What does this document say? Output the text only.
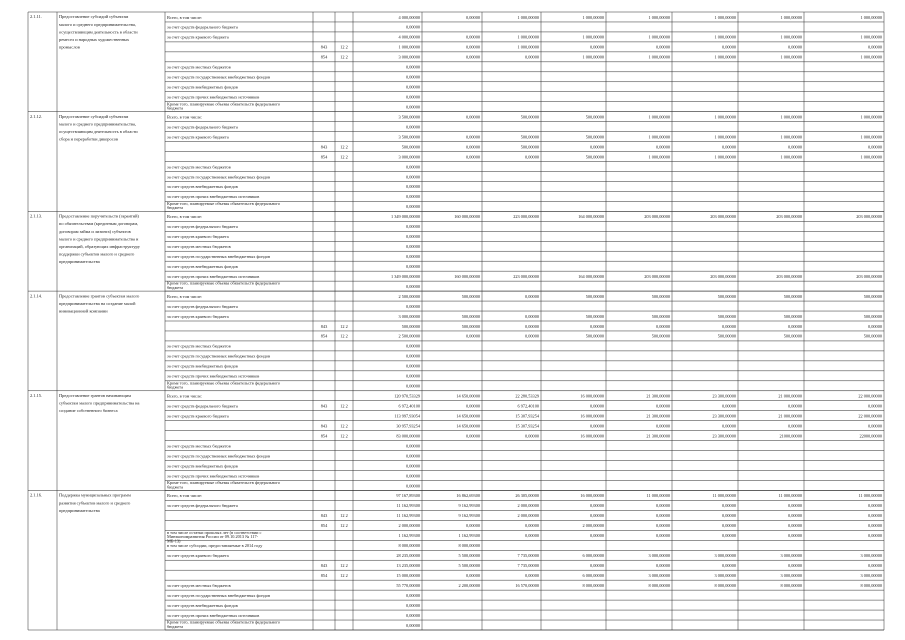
2.1.11.	Предоставление субсидий субъектам
малого и среднего предпринимательства,
осуществляющим деятельность в области
ремесел и народных художественных
промыслов
Всего, в том числе:	4 000,00000	0,00000	1 000,00000	1 000,00000	1 000,00000	1 000,00000	1 000,00000	1 000,00000
за счет средств федерального бюджета	0,00000
за счет средств краевого бюджета	4 000,00000	0,00000	1 000,00000	1 000,00000	1 000,00000	1 000,00000	1 000,00000	1 000,00000
843	12 2	1 000,00000	0,00000	1 000,00000	0,00000	0,00000	0,00000	0,00000	0,00000
854	12 2	3 000,00000	0,00000	0,00000	1 000,00000	1 000,00000	1 000,00000	1 000,00000	1 000,00000
за счет средств местных бюджетов	0,00000
за счет средств государственных внебюджетных фондов	0,00000
за счет средств внебюджетных фондов	0,00000
за счет средств прочих внебюджетных источников	0,00000
Кроме того, планируемые объемы обязательств федерального
бюджета	0,00000
2.1.12.	Предоставление субсидий субъектам
малого и среднего предпринимательства,
осуществляющим деятельность в области
сбора и переработки дикоросов
Всего, в том числе:	3 500,00000	0,00000	500,00000	500,00000	1 000,00000	1 000,00000	1 000,00000	1 000,00000
за счет средств федерального бюджета	0,00000
за счет средств краевого бюджета	3 500,00000	0,00000	500,00000	500,00000	1 000,00000	1 000,00000	1 000,00000	1 000,00000
843	12 2	500,00000	0,00000	500,00000	0,00000	0,00000	0,00000	0,00000	0,00000
854	12 2	3 000,00000	0,00000	0,00000	500,00000	1 000,00000	1 000,00000	1 000,00000	1 000,00000
за счет средств местных бюджетов	0,00000
за счет средств государственных внебюджетных фондов	0,00000
за счет средств внебюджетных фондов	0,00000
за счет средств прочих внебюджетных источников	0,00000
Кроме того, планируемые объемы обязательств федерального
бюджета	0,00000
2.1.13.	Предоставление поручительств (гарантий)
по обязательствам (кредитным договорам,
договорам займа и лизинга) субъектов
малого и среднего предпринимательства и
организаций, образующих инфраструктуру
поддержки субъектов малого и среднего
предпринимательства
Всего, в том числе:	1 349 000,00000	160 000,00000	223 000,00000	164 000,00000	203 000,00000	203 000,00000	203 000,00000	203 000,00000
за счет средств федерального бюджета	0,00000
за счет средств краевого бюджета	0,00000
за счет средств местных бюджетов	0,00000
за счет средств государственных внебюджетных фондов	0,00000
за счет средств внебюджетных фондов	0,00000
за счет средств прочих внебюджетных источников	1 349 000,00000	160 000,00000	223 000,00000	164 000,00000	203 000,00000	203 000,00000	203 000,00000	203 000,00000
Кроме того, планируемые объемы обязательств федерального
бюджета	0,00000
2.1.14.	Предоставление грантов субъектам малого
предпринимательства на создание малой
инновационной компании
Всего, в том числе:	2 500,00000	500,00000	0,00000	500,00000	500,00000	500,00000	500,00000	500,00000
за счет средств федерального бюджета	0,00000
за счет средств краевого бюджета	3 000,00000	500,00000	0,00000	500,00000	500,00000	500,00000	500,00000	500,00000
843	12 2	500,00000	500,00000	0,00000	0,00000	0,00000	0,00000	0,00000	0,00000
854	12 2	2 500,00000	0,00000	0,00000	500,00000	500,00000	500,00000	500,00000	500,00000
за счет средств местных бюджетов	0,00000
за счет средств государственных внебюджетных фондов	0,00000
за счет средств внебюджетных фондов	0,00000
за счет средств прочих внебюджетных источников	0,00000
Кроме того, планируемые объемы обязательств федерального
бюджета	0,00000
2.1.15.	Предоставление грантов начинающим
субъектам малого предпринимательства на
создание собственного бизнеса
Всего, в том числе:	120 970,53329	14 650,00000	22 280,53329	16 000,00000	21 300,00000	23 300,00000	21 000,00000	22 000,00000
за счет средств федерального бюджета	843	12 2	6 972,40100	0,00000	6 972,40100	0,00000	0,00000	0,00000	0,00000	0,00000
за счет средств краевого бюджета	113 997,93054	14 650,00000	15 307,93254	16 000,00000	21 300,00000	23 300,00000	21 000,00000	22 000,00000
843	12 2	30 957,93254	14 650,00000	15 307,93254	0,00000	0,00000	0,00000	0,00000	0,00000
854	12 2	83 000,00000	0,00000	0,00000	16 000,00000	21 300,00000	23 300,00000	21000,00000	22000,00000
за счет средств местных бюджетов	0,00000
за счет средств государственных внебюджетных фондов	0,00000
за счет средств внебюджетных фондов	0,00000
за счет средств прочих внебюджетных источников	0,00000
Кроме того, планируемые объемы обязательств федерального
бюджета	0,00000
2.1.16.	Поддержка муниципальных программ
развития субъектов малого и среднего
предпринимательства
Всего, в том числе:	97 167,89300	16 862,69300	26 305,00000	16 000,00000	11 000,00000	11 000,00000	11 000,00000	11 000,00000
за счет средств федерального бюджета	11 162,99300	9 162,99300	2 000,00000	0,00000	0,00000	0,00000	0,00000	0,00000
843	12 2	11 162,99300	9 162,99300	2 000,00000	0,00000	0,00000	0,00000	0,00000	0,00000
854	12 2	2 000,00000	0,00000	0,00000	2 000,00000	0,00000	0,00000	0,00000	0,00000
в том числе остатки прошлых лет (в соответствии с
Минэкономразвития России от 09.10.2013 № 117-
МБ-13)
1 162,99300	1 162,99300	0,00000	0,00000	0,00000	0,00000	0,00000	0,00000
в том числе субсидии, предоставляемые в 2014 году	8 000,00000	8 000,00000
за счет средств краевого бюджета	28 235,00000	5 500,00000	7 735,00000	6 000,00000	3 000,00000	3 000,00000	3 000,00000	3 000,00000
843	12 2	13 235,00000	5 500,00000	7 735,00000	0,00000	0,00000	0,00000	0,00000	0,00000
854	12 2	15 000,00000	0,00000	0,00000	6 000,00000	3 000,00000	3 000,00000	3 000,00000	3 000,00000
за счет средств местных бюджетов	55 770,00000	2 200,00000	16 570,00000	8 000,00000	8 000,00000	8 000,00000	8 000,00000	8 000,00000
за счет средств государственных внебюджетных фондов	0,00000
за счет средств внебюджетных фондов	0,00000
за счет средств прочих внебюджетных источников	0,00000
Кроме того, планируемые объемы обязательств федерального
бюджета	0,00000
